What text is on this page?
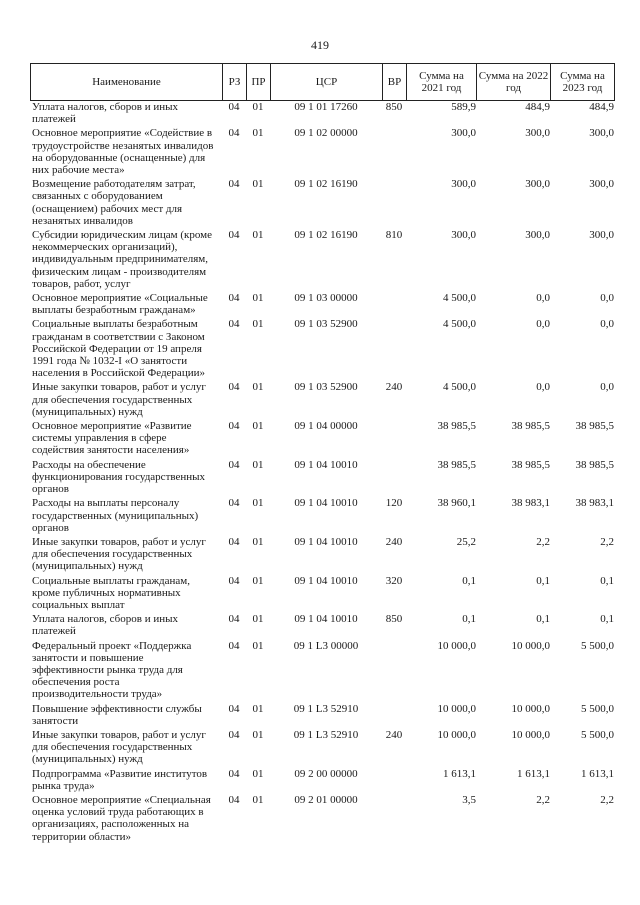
419
Наименование	РЗ	ПР	ЦСР	ВР	Сумма на 2021 год	Сумма на 2022 год	Сумма на 2023 год
Уплата налогов, сборов и иных платежей	04	01	09 1 01 17260	850	589,9	484,9	484,9
Основное мероприятие «Содействие в трудоустройстве незанятых инвалидов на оборудованные (оснащенные) для них рабочие места»	04	01	09 1 02 00000		300,0	300,0	300,0
Возмещение работодателям затрат, связанных с оборудованием (оснащением) рабочих мест для незанятых инвалидов	04	01	09 1 02 16190		300,0	300,0	300,0
Субсидии юридическим лицам (кроме некоммерческих организаций), индивидуальным предпринимателям, физическим лицам - производителям товаров, работ, услуг	04	01	09 1 02 16190	810	300,0	300,0	300,0
Основное мероприятие «Социальные выплаты безработным гражданам»	04	01	09 1 03 00000		4 500,0	0,0	0,0
Социальные выплаты безработным гражданам в соответствии с Законом Российской Федерации от 19 апреля 1991 года № 1032-I «О занятости населения в Российской Федерации»	04	01	09 1 03 52900		4 500,0	0,0	0,0
Иные закупки товаров, работ и услуг для обеспечения государственных (муниципальных) нужд	04	01	09 1 03 52900	240	4 500,0	0,0	0,0
Основное мероприятие «Развитие системы управления в сфере содействия занятости населения»	04	01	09 1 04 00000		38 985,5	38 985,5	38 985,5
Расходы на обеспечение функционирования государственных органов	04	01	09 1 04 10010		38 985,5	38 985,5	38 985,5
Расходы на выплаты персоналу государственных (муниципальных) органов	04	01	09 1 04 10010	120	38 960,1	38 983,1	38 983,1
Иные закупки товаров, работ и услуг для обеспечения государственных (муниципальных) нужд	04	01	09 1 04 10010	240	25,2	2,2	2,2
Социальные выплаты гражданам, кроме публичных нормативных социальных выплат	04	01	09 1 04 10010	320	0,1	0,1	0,1
Уплата налогов, сборов и иных платежей	04	01	09 1 04 10010	850	0,1	0,1	0,1
Федеральный проект «Поддержка занятости и повышение эффективности рынка труда для обеспечения роста производительности труда»	04	01	09 1 L3 00000		10 000,0	10 000,0	5 500,0
Повышение эффективности службы занятости	04	01	09 1 L3 52910		10 000,0	10 000,0	5 500,0
Иные закупки товаров, работ и услуг для обеспечения государственных (муниципальных) нужд	04	01	09 1 L3 52910	240	10 000,0	10 000,0	5 500,0
Подпрограмма «Развитие институтов рынка труда»	04	01	09 2 00 00000		1 613,1	1 613,1	1 613,1
Основное мероприятие «Специальная оценка условий труда работающих в организациях, расположенных на территории области»	04	01	09 2 01 00000		3,5	2,2	2,2
